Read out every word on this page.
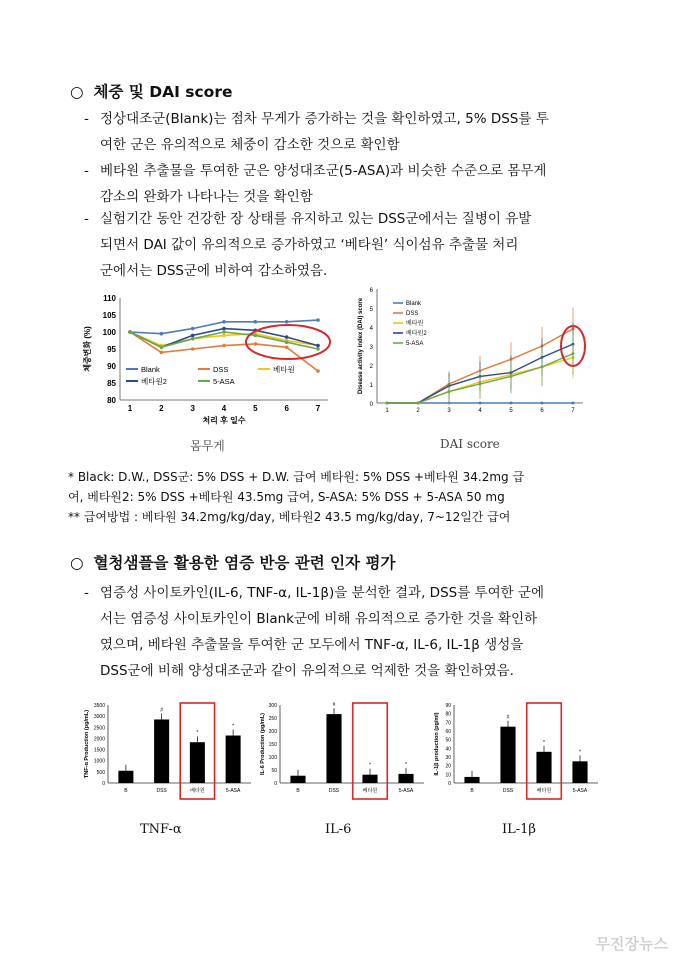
○ 체중 및 DAI score
- 정상대조군(Blank)는 점차 무게가 증가하는 것을 확인하였고, 5% DSS를 투
여한 군은 유의적으로 체중이 감소한 것으로 확인함
- 베타원 추출물을 투여한 군은 양성대조군(5-ASA)과 비슷한 수준으로 몸무게
감소의 완화가 나타나는 것을 확인함
- 실험기간 동안 건강한 장 상태를 유지하고 있는 DSS군에서는 질병이 유발
되면서 DAI 값이 유의적으로 증가하였고 ‘베타원’ 식이섬유 추출물 처리
군에서는 DSS군에 비하여 감소하였음.
80
85
90
95
100
105
110
1	2	3	4	5	6	7
처리 후 일수
체중변화 (%)	Blank	DSS	베타원
베타원2	5-ASA
0
1
2
3
4
5
6
1	2	3	4	5	6	7
Disease activity index (DAI) score	Blank
DSS
베타원
베타원2
5-ASA
몸무게	DAI score
* Black: D.W., DSS군: 5% DSS + D.W. 급여 베타원: 5% DSS +베타원 34.2mg 급
여, 베타원2: 5% DSS +베타원 43.5mg 급여, S-ASA: 5% DSS + 5-ASA 50 mg
** 급여방법 : 베타원 34.2mg/kg/day, 베타원2 43.5 mg/kg/day, 7~12일간 급여
○ 혈청샘플을 활용한 염증 반응 관련 인자 평가
- 염증성 사이토카인(IL-6, TNF-α, IL-1β)을 분석한 결과, DSS를 투여한 군에
서는 염증성 사이토카인이 Blank군에 비해 유의적으로 증가한 것을 확인하
였으며, 베타원 추출물을 투여한 군 모두에서 TNF-α, IL-6, IL-1β 생성을
DSS군에 비해 양성대조군과 같이 유의적으로 억제한 것을 확인하였음.
0
500
1000
1500
2000
2500
3000
3500
TNF-α Production (pg/mL)
B
#
DSS
*
베타원
*
5-ASA
0
50
100
150
200
250
300
IL-6 Production (pg/mL)
B
#
DSS
*
베타원
*
5-ASA
0
10
20
30
40
50
60
70
80
90
IL-1β production (pg/ml)
B
#
DSS
*
베타원
*
5-ASA
TNF-α	IL-6	IL-1β
무진장뉴스
